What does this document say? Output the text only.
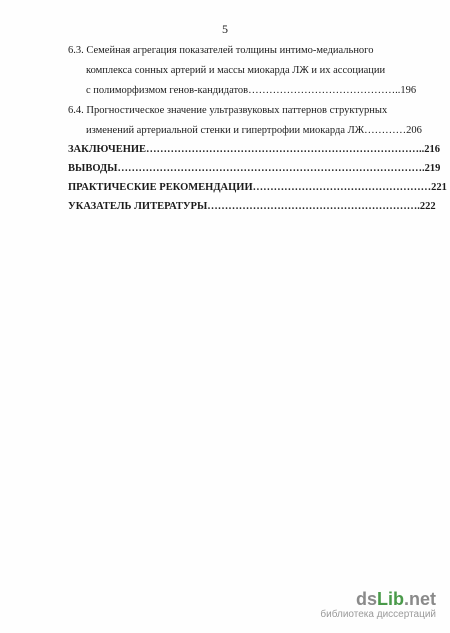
5
6.3. Семейная агрегация показателей толщины интимо-медиального
комплекса сонных артерий и массы миокарда ЛЖ и их ассоциации
с полиморфизмом генов-кандидатов……………………………………..196
6.4. Прогностическое значение ультразвуковых паттернов структурных
изменений артериальной стенки и гипертрофии миокарда ЛЖ…………206
ЗАКЛЮЧЕНИЕ……………………………………………………………………..216
ВЫВОДЫ…………………………………………………………………………….219
ПРАКТИЧЕСКИЕ РЕКОМЕНДАЦИИ……………………………………………221
УКАЗАТЕЛЬ ЛИТЕРАТУРЫ…………………………………………………….222
dsLib.net
библиотека диссертаций
